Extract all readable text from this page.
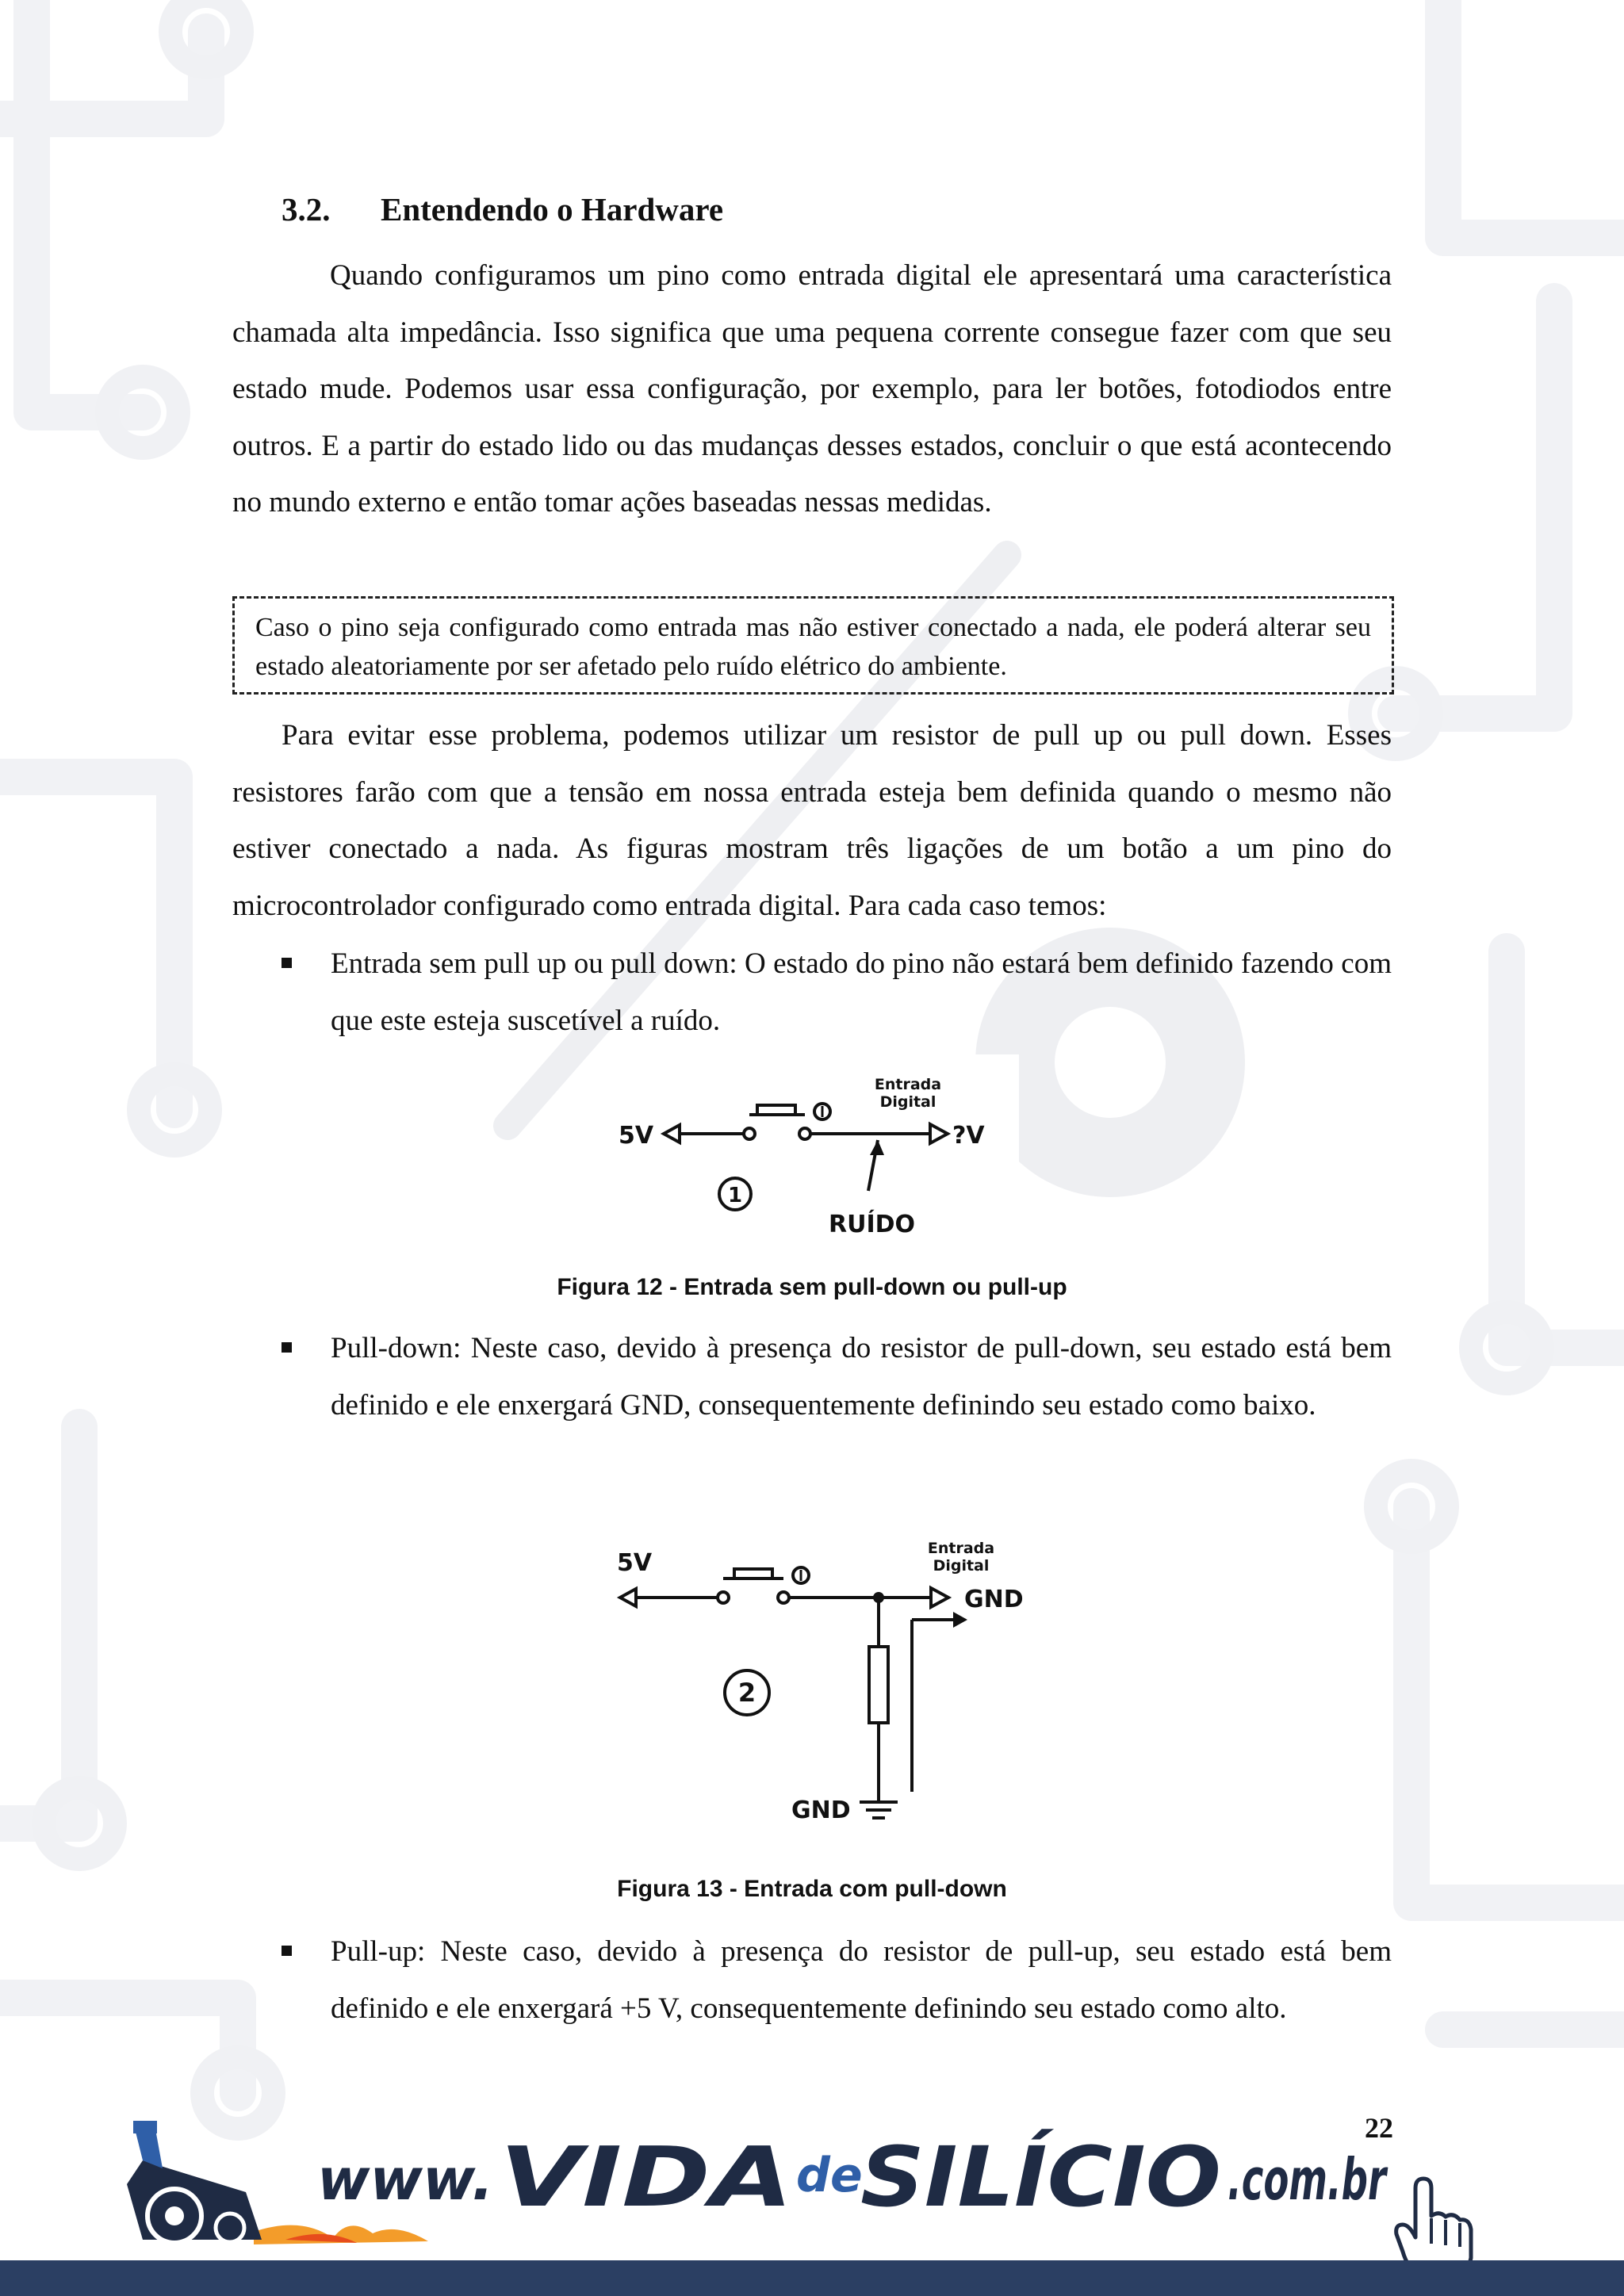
3.2. Entendendo o Hardware

Quando configuramos um pino como entrada digital ele apresentará uma característica chamada alta impedância. Isso significa que uma pequena corrente consegue fazer com que seu estado mude. Podemos usar essa configuração, por exemplo, para ler botões, fotodiodos entre outros. E a partir do estado lido ou das mudanças desses estados, concluir o que está acontecendo no mundo externo e então tomar ações baseadas nessas medidas.

Caso o pino seja configurado como entrada mas não estiver conectado a nada, ele poderá alterar seu estado aleatoriamente por ser afetado pelo ruído elétrico do ambiente.

Para evitar esse problema, podemos utilizar um resistor de pull up ou pull down. Esses resistores farão com que a tensão em nossa entrada esteja bem definida quando o mesmo não estiver conectado a nada. As figuras mostram três ligações de um botão a um pino do microcontrolador configurado como entrada digital. Para cada caso temos:

Entrada sem pull up ou pull down: O estado do pino não estará bem definido fazendo com que este esteja suscetível a ruído.

5V
Entrada
Digital
?V
1
RUÍDO
Figura 12 - Entrada sem pull-down ou pull-up

Pull-down: Neste caso, devido à presença do resistor de pull-down, seu estado está bem definido e ele enxergará GND, consequentemente definindo seu estado como baixo.

5V
Entrada
Digital
GND
2
GND
Figura 13 - Entrada com pull-down

Pull-up: Neste caso, devido à presença do resistor de pull-up, seu estado está bem definido e ele enxergará +5 V, consequentemente definindo seu estado como alto.

22
www. VIDA de
SILÍCIO .com.br
